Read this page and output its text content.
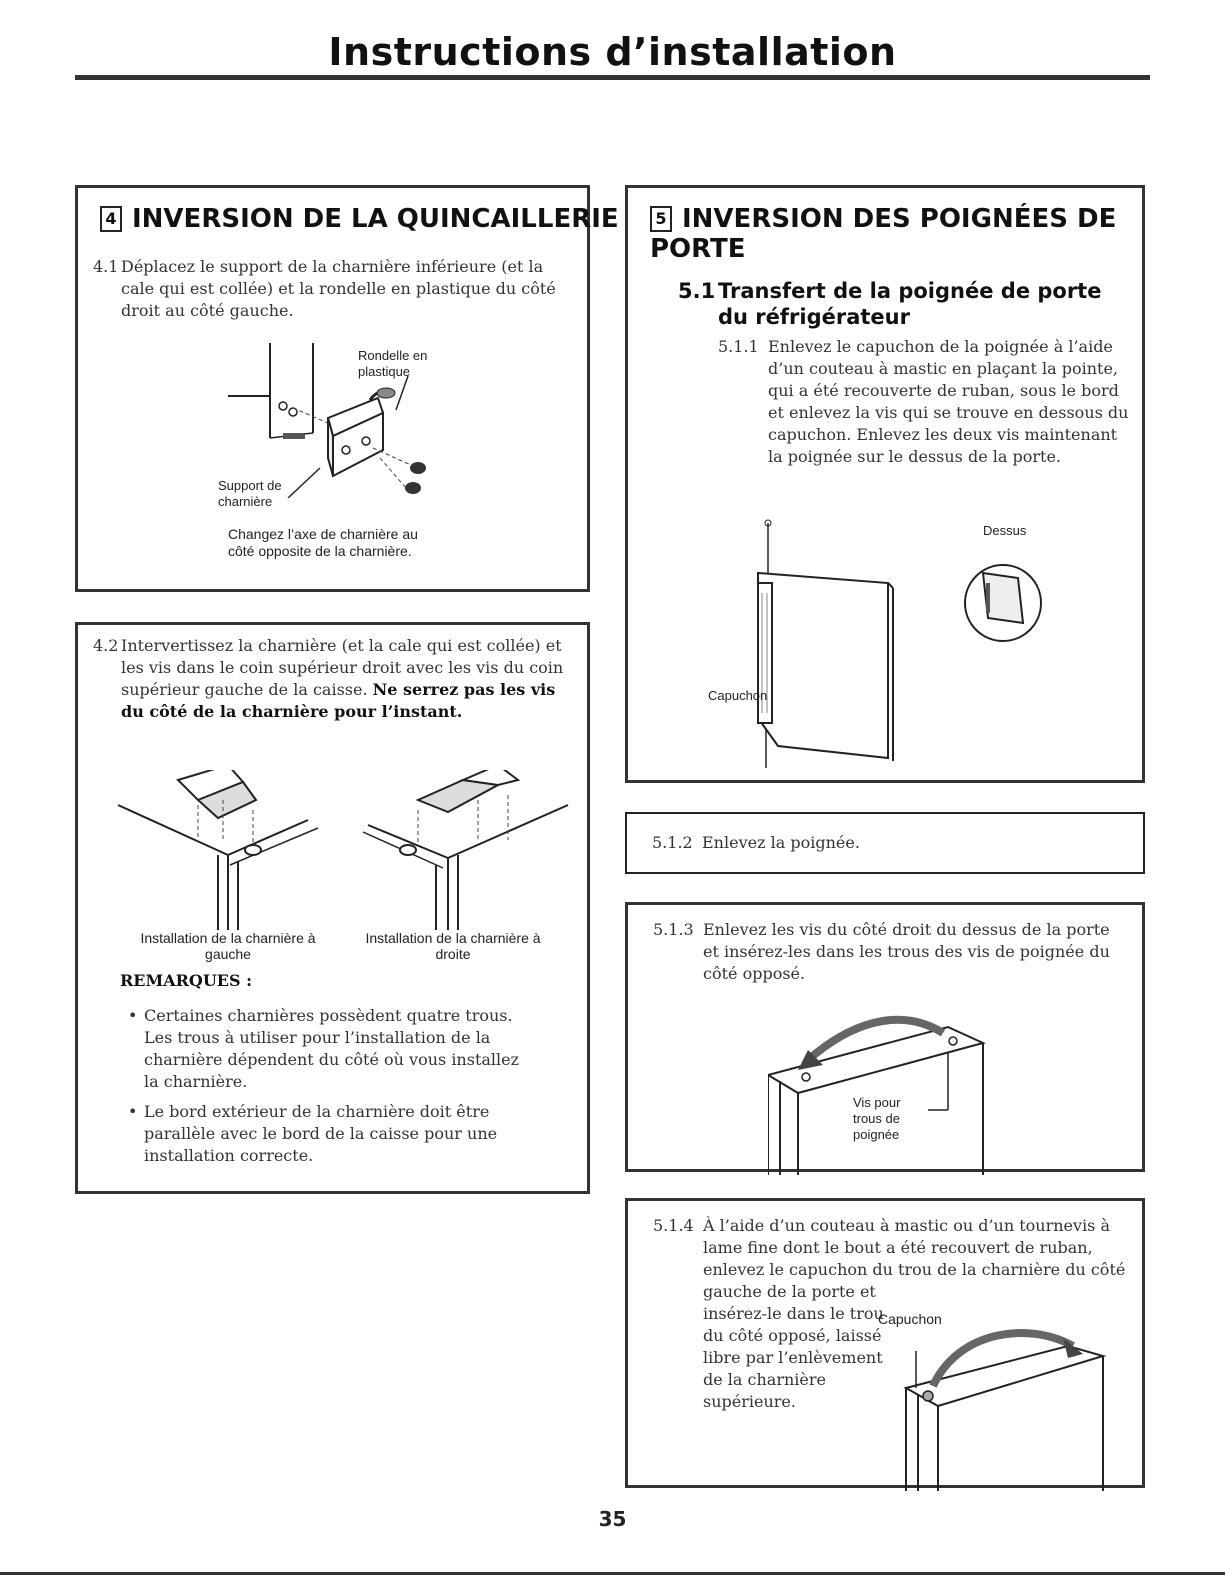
Instructions d’installation
4 INVERSION DE LA QUINCAILLERIE
4.1 Déplacez le support de la charnière inférieure (et la cale qui est collée) et la rondelle en plastique du côté droit au côté gauche.
Rondelle en plastique
Support de charnière
Changez l’axe de charnière au côté opposite de la charnière.
4.2 Intervertissez la charnière (et la cale qui est collée) et les vis dans le coin supérieur droit avec les vis du coin supérieur gauche de la caisse. Ne serrez pas les vis du côté de la charnière pour l’instant.
Installation de la charnière à gauche
Installation de la charnière à droite
REMARQUES :
• Certaines charnières possèdent quatre trous. Les trous à utiliser pour l’installation de la charnière dépendent du côté où vous installez la charnière.
• Le bord extérieur de la charnière doit être parallèle avec le bord de la caisse pour une installation correcte.
5 INVERSION DES POIGNÉES DE PORTE
5.1 Transfert de la poignée de porte du réfrigérateur
5.1.1 Enlevez le capuchon de la poignée à l’aide d’un couteau à mastic en plaçant la pointe, qui a été recouverte de ruban, sous le bord et enlevez la vis qui se trouve en dessous du capuchon. Enlevez les deux vis maintenant la poignée sur le dessus de la porte.
Dessus
Capuchon
5.1.2 Enlevez la poignée.
5.1.3 Enlevez les vis du côté droit du dessus de la porte et insérez-les dans les trous des vis de poignée du côté opposé.
Vis pour trous de poignée
5.1.4 À l’aide d’un couteau à mastic ou d’un tournevis à lame fine dont le bout a été recouvert de ruban, enlevez le capuchon du trou de la charnière du côté gauche de la porte et
insérez-le dans le trou du côté opposé, laissé libre par l’enlèvement de la charnière supérieure.
Capuchon
35
